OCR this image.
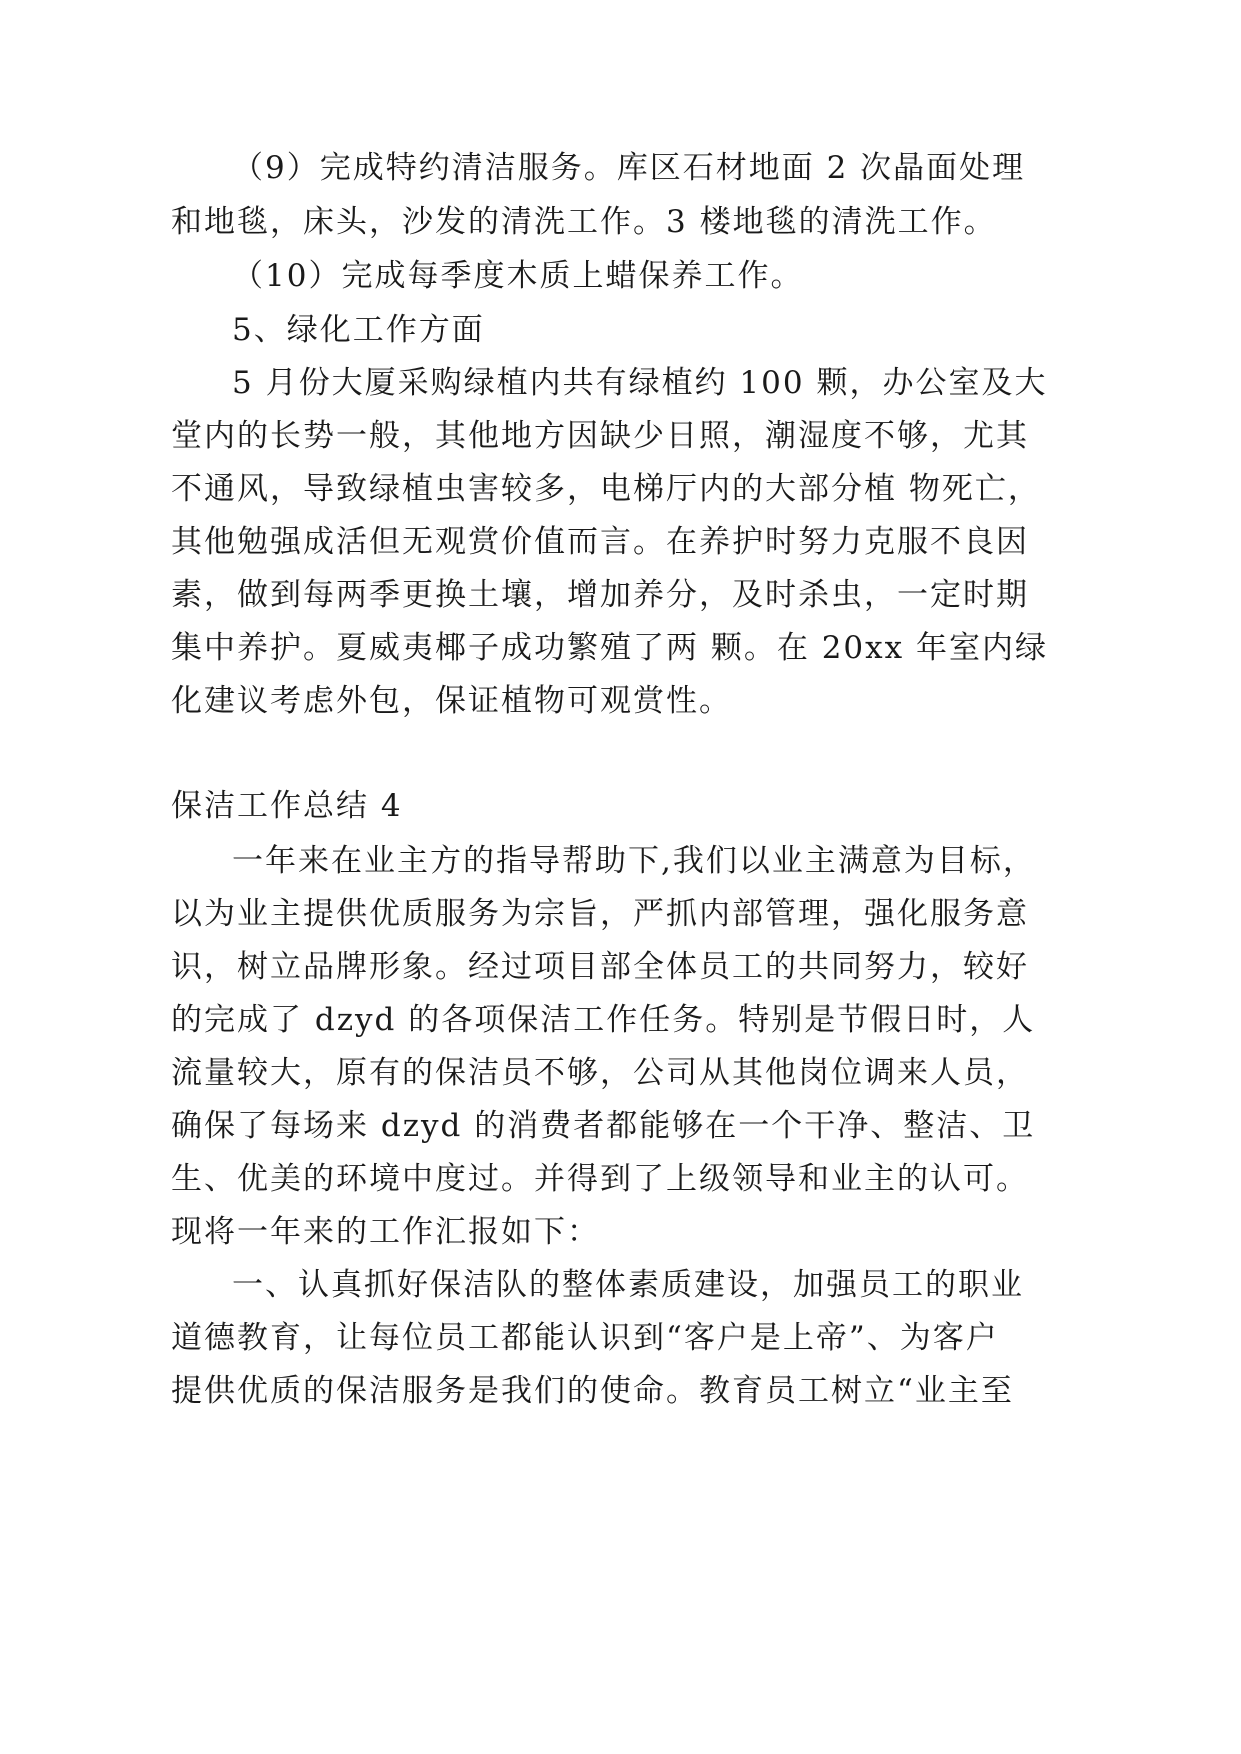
（9）完成特约清洁服务。库区石材地面 2 次晶面处理

和地毯，床头，沙发的清洗工作。3 楼地毯的清洗工作。

（10）完成每季度木质上蜡保养工作。

5、绿化工作方面

5 月份大厦采购绿植内共有绿植约 100 颗，办公室及大

堂内的长势一般，其他地方因缺少日照，潮湿度不够，尤其

不通风，导致绿植虫害较多，电梯厅内的大部分植 物死亡，

其他勉强成活但无观赏价值而言。在养护时努力克服不良因

素，做到每两季更换土壤，增加养分，及时杀虫，一定时期

集中养护。夏威夷椰子成功繁殖了两 颗。在 20xx 年室内绿

化建议考虑外包，保证植物可观赏性。

保洁工作总结 4

一年来在业主方的指导帮助下,我们以业主满意为目标，

以为业主提供优质服务为宗旨，严抓内部管理，强化服务意

识，树立品牌形象。经过项目部全体员工的共同努力，较好

的完成了 dzyd 的各项保洁工作任务。特别是节假日时，人

流量较大，原有的保洁员不够，公司从其他岗位调来人员，

确保了每场来 dzyd 的消费者都能够在一个干净、整洁、卫

生、优美的环境中度过。并得到了上级领导和业主的认可。

现将一年来的工作汇报如下：

一、认真抓好保洁队的整体素质建设，加强员工的职业

道德教育，让每位员工都能认识到“客户是上帝”、为客户

提供优质的保洁服务是我们的使命。教育员工树立“业主至
